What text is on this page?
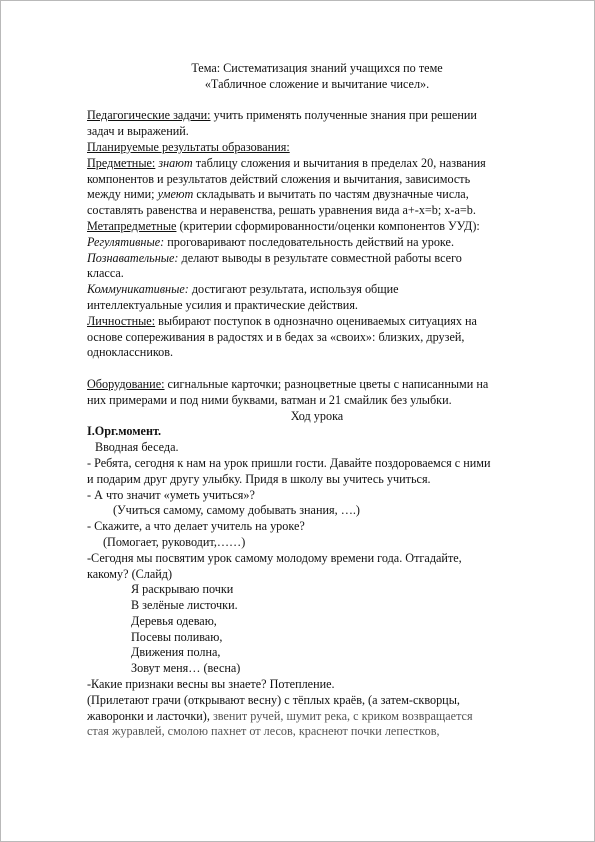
Тема: Систематизация знаний учащихся по теме

«Табличное сложение и вычитание чисел».

Педагогические задачи: учить применять полученные знания при решении

задач и выражений.

Планируемые результаты образования:

Предметные: знают таблицу сложения и вычитания в пределах 20, названия

компонентов и результатов действий сложения и вычитания, зависимость

между ними; умеют складывать и вычитать по частям двузначные числа,

составлять равенства и неравенства, решать уравнения вида а+-х=b; х-а=b.

Метапредметные (критерии сформированности/оценки компонентов УУД):

Регулятивные: проговаривают последовательность действий на уроке.

Познавательные: делают выводы в результате совместной работы всего

класса.

Коммуникативные: достигают результата, используя общие

интеллектуальные усилия и практические действия.

Личностные: выбирают поступок в однозначно оцениваемых ситуациях на

основе сопереживания в радостях и в бедах за «своих»: близких, друзей,

одноклассников.

Оборудование: сигнальные карточки; разноцветные цветы с написанными на

них примерами и под ними буквами, ватман и 21 смайлик без улыбки.

Ход урока

I.Орг.момент.

Вводная беседа.

- Ребята, сегодня к нам на урок пришли гости. Давайте поздороваемся с ними

и подарим друг другу улыбку. Придя в школу вы учитесь учиться.

- А что значит «уметь учиться»?

(Учиться самому, самому добывать знания, ….)

- Скажите, а что делает учитель на уроке?

(Помогает, руководит,……)

-Сегодня мы посвятим урок самому молодому времени года. Отгадайте,

какому? (Слайд)

Я раскрываю почки

В зелёные листочки.

Деревья одеваю,

Посевы поливаю,

Движения полна,

Зовут меня… (весна)

-Какие признаки весны вы знаете? Потепление.

(Прилетают грачи (открывают весну) с тёплых краёв, (а затем-скворцы,

жаворонки и ласточки), звенит ручей, шумит река, с криком возвращается

стая журавлей, смолою пахнет от лесов, краснеют почки лепестков,
